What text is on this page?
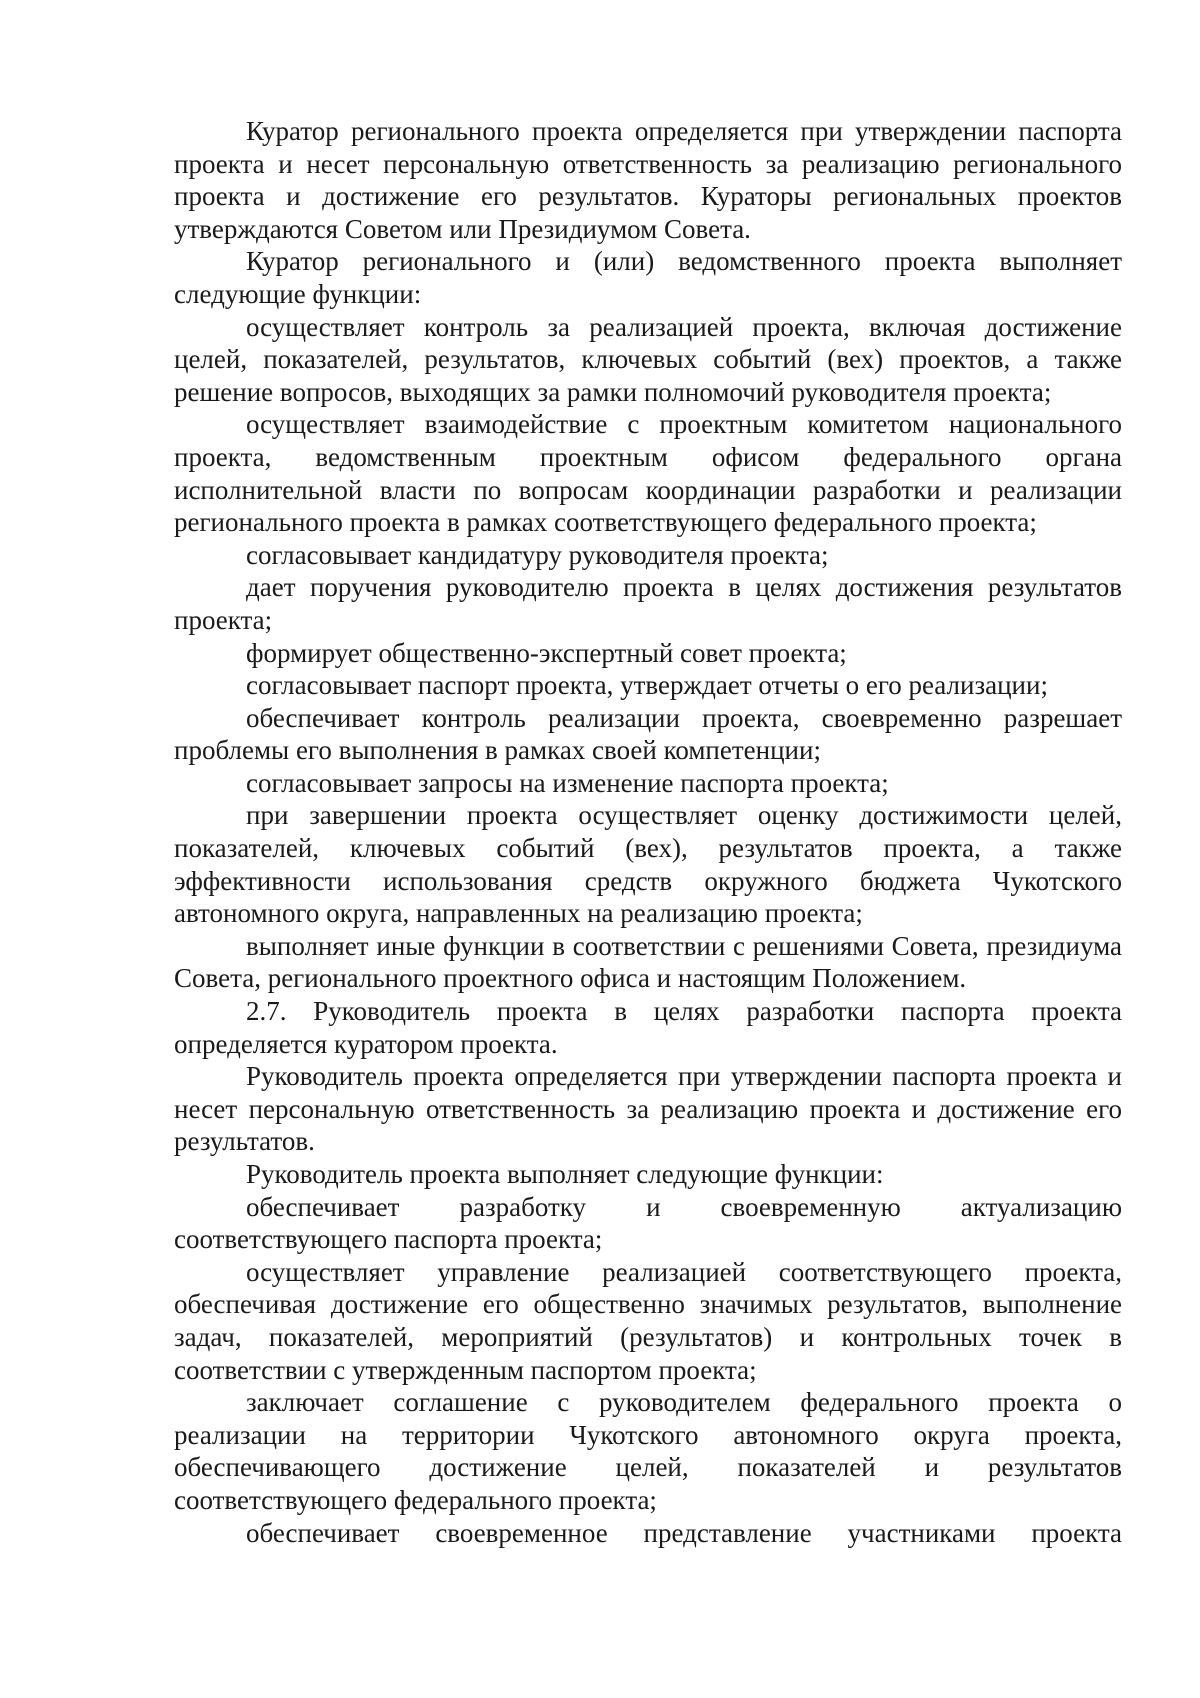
Куратор регионального проекта определяется при утверждении паспорта проекта и несет персональную ответственность за реализацию регионального проекта и достижение его результатов. Кураторы региональных проектов утверждаются Советом или Президиумом Совета.

Куратор регионального и (или) ведомственного проекта выполняет следующие функции:

осуществляет контроль за реализацией проекта, включая достижение целей, показателей, результатов, ключевых событий (вех) проектов, а также решение вопросов, выходящих за рамки полномочий руководителя проекта;

осуществляет взаимодействие с проектным комитетом национального проекта, ведомственным проектным офисом федерального органа исполнительной власти по вопросам координации разработки и реализации регионального проекта в рамках соответствующего федерального проекта;

согласовывает кандидатуру руководителя проекта;

дает поручения руководителю проекта в целях достижения результатов проекта;

формирует общественно-экспертный совет проекта;

согласовывает паспорт проекта, утверждает отчеты о его реализации;

обеспечивает контроль реализации проекта, своевременно разрешает проблемы его выполнения в рамках своей компетенции;

согласовывает запросы на изменение паспорта проекта;

при завершении проекта осуществляет оценку достижимости целей, показателей, ключевых событий (вех), результатов проекта, а также эффективности использования средств окружного бюджета Чукотского автономного округа, направленных на реализацию проекта;

выполняет иные функции в соответствии с решениями Совета, президиума Совета, регионального проектного офиса и настоящим Положением.

2.7. Руководитель проекта в целях разработки паспорта проекта определяется куратором проекта.

Руководитель проекта определяется при утверждении паспорта проекта и несет персональную ответственность за реализацию проекта и достижение его результатов.

Руководитель проекта выполняет следующие функции:

обеспечивает разработку и своевременную актуализацию соответствующего паспорта проекта;

осуществляет управление реализацией соответствующего проекта, обеспечивая достижение его общественно значимых результатов, выполнение задач, показателей, мероприятий (результатов) и контрольных точек в соответствии с утвержденным паспортом проекта;

заключает соглашение с руководителем федерального проекта о реализации на территории Чукотского автономного округа проекта, обеспечивающего достижение целей, показателей и результатов соответствующего федерального проекта;

обеспечивает своевременное представление участниками проекта
